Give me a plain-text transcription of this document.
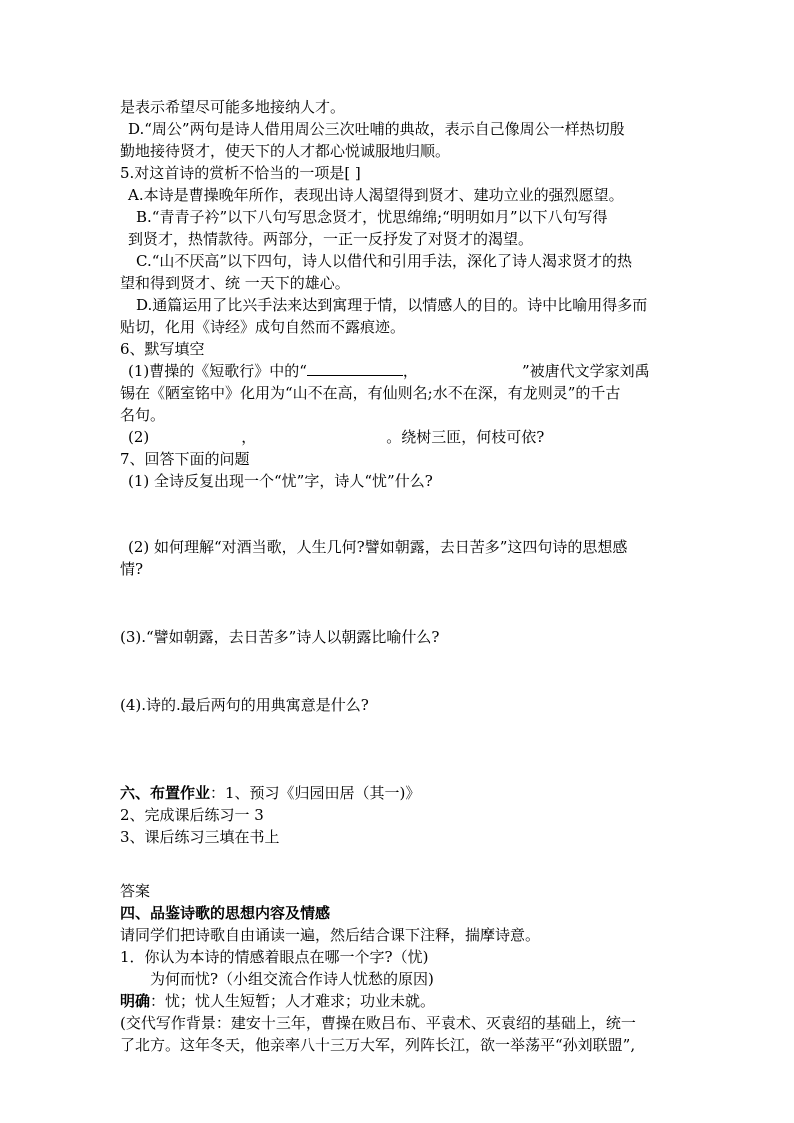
是表示希望尽可能多地接纳人才。

D.“周公”两句是诗人借用周公三次吐哺的典故，表示自己像周公一样热切殷

勤地接待贤才，使天下的人才都心悦诚服地归顺。

5.对这首诗的赏析不恰当的一项是[ ]

A.本诗是曹操晚年所作，表现出诗人渴望得到贤才、建功立业的强烈愿望。

B.“青青子衿”以下八句写思念贤才，忧思绵绵;“明明如月”以下八句写得

到贤才，热情款待。两部分，一正一反抒发了对贤才的渴望。

C.“山不厌高”以下四句，诗人以借代和引用手法，深化了诗人渴求贤才的热

望和得到贤才、统 一天下的雄心。

D.通篇运用了比兴手法来达到寓理于情，以情感人的目的。诗中比喻用得多而

贴切，化用《诗经》成句自然而不露痕迹。

6、默写填空

(1)曹操的《短歌行》中的“	，	”被唐代文学家刘禹

锡在《陋室铭中》化用为“山不在高，有仙则名;水不在深，有龙则灵”的千古

名句。

(2)	，	。绕树三匝，何枝可依?

7、回答下面的问题

(1) 全诗反复出现一个“忧”字，诗人“忧”什么?

(2) 如何理解“对酒当歌，人生几何?譬如朝露，去日苦多”这四句诗的思想感

情?

(3).“譬如朝露，去日苦多”诗人以朝露比喻什么?

(4).诗的.最后两句的用典寓意是什么?

六、布置作业：1、预习《归园田居（其一)》

2、完成课后练习一 3

3、课后练习三填在书上

答案

四、品鉴诗歌的思想内容及情感

请同学们把诗歌自由诵读一遍，然后结合课下注释，揣摩诗意。

1．你认为本诗的情感着眼点在哪一个字?（忧)

为何而忧?（小组交流合作诗人忧愁的原因)

明确：忧；忧人生短暂；人才难求；功业未就。

(交代写作背景：建安十三年，曹操在败吕布、平袁术、灭袁绍的基础上，统一

了北方。这年冬天，他亲率八十三万大军，列阵长江，欲一举荡平“孙刘联盟”,
